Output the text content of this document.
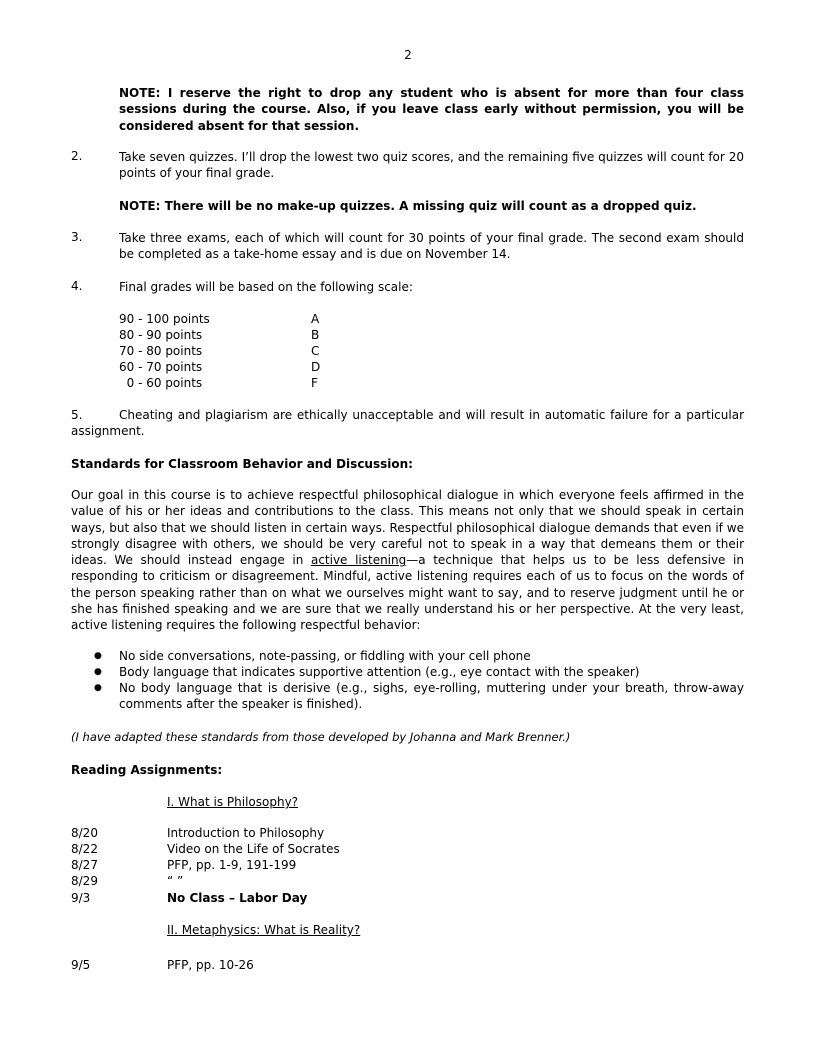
2
NOTE: I reserve the right to drop any student who is absent for more than four class sessions during the course. Also, if you leave class early without permission, you will be considered absent for that session.
2.	Take seven quizzes. I’ll drop the lowest two quiz scores, and the remaining five quizzes will count for 20 points of your final grade.
NOTE: There will be no make-up quizzes. A missing quiz will count as a dropped quiz.
3.	Take three exams, each of which will count for 30 points of your final grade. The second exam should be completed as a take-home essay and is due on November 14.
4.	Final grades will be based on the following scale:
90 - 100 points	A
80 - 90 points	B
70 - 80 points	C
60 - 70 points	D
0 - 60 points	F
5.	Cheating and plagiarism are ethically unacceptable and will result in automatic failure for a particular assignment.
Standards for Classroom Behavior and Discussion:
Our goal in this course is to achieve respectful philosophical dialogue in which everyone feels affirmed in the value of his or her ideas and contributions to the class. This means not only that we should speak in certain ways, but also that we should listen in certain ways. Respectful philosophical dialogue demands that even if we strongly disagree with others, we should be very careful not to speak in a way that demeans them or their ideas. We should instead engage in active listening—a technique that helps us to be less defensive in responding to criticism or disagreement. Mindful, active listening requires each of us to focus on the words of the person speaking rather than on what we ourselves might want to say, and to reserve judgment until he or she has finished speaking and we are sure that we really understand his or her perspective. At the very least, active listening requires the following respectful behavior:
● No side conversations, note-passing, or fiddling with your cell phone
● Body language that indicates supportive attention (e.g., eye contact with the speaker)
● No body language that is derisive (e.g., sighs, eye-rolling, muttering under your breath, throw-away comments after the speaker is finished).
(I have adapted these standards from those developed by Johanna and Mark Brenner.)
Reading Assignments:
I. What is Philosophy?
8/20	Introduction to Philosophy
8/22	Video on the Life of Socrates
8/27	PFP, pp. 1-9, 191-199
8/29	“ ”
9/3	No Class – Labor Day
II. Metaphysics: What is Reality?
9/5	PFP, pp. 10-26
